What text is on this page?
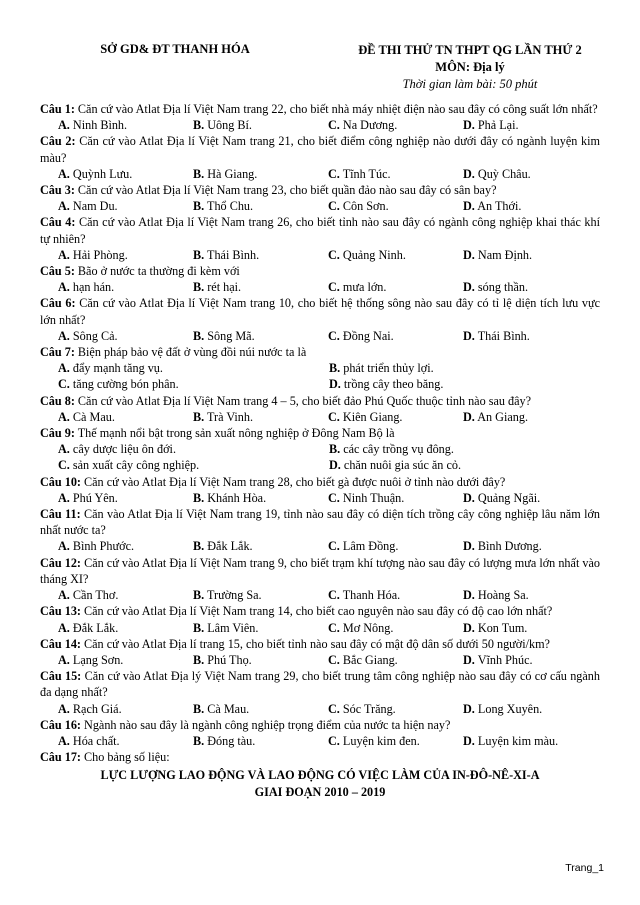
SỞ GD& ĐT THANH HÓA	ĐỀ THI THỬ TN THPT QG LẦN THỨ 2
MÔN: Địa lý
Thời gian làm bài: 50 phút

Câu 1: Căn cứ vào Atlat Địa lí Việt Nam trang 22, cho biết nhà máy nhiệt điện nào sau đây có công suất lớn nhất?

A. Ninh Bình.	B. Uông Bí.	C. Na Dương.	D. Phả Lại.

Câu 2: Căn cứ vào Atlat Địa lí Việt Nam trang 21, cho biết điểm công nghiệp nào dưới đây có ngành luyện kim màu?

A. Quỳnh Lưu.	B. Hà Giang.	C. Tĩnh Túc.	D. Quỳ Châu.

Câu 3: Căn cứ vào Atlat Địa lí Việt Nam trang 23, cho biết quần đảo nào sau đây có sân bay?

A. Nam Du.	B. Thổ Chu.	C. Côn Sơn.	D. An Thới.

Câu 4: Căn cứ vào Atlat Địa lí Việt Nam trang 26, cho biết tỉnh nào sau đây có ngành công nghiệp khai thác khí tự nhiên?

A. Hải Phòng.	B. Thái Bình.	C. Quảng Ninh.	D. Nam Định.

Câu 5: Bão ở nước ta thường đi kèm với

A. hạn hán.	B. rét hại.	C. mưa lớn.	D. sóng thần.

Câu 6: Căn cứ vào Atlat Địa lí Việt Nam trang 10, cho biết hệ thống sông nào sau đây có tỉ lệ diện tích lưu vực lớn nhất?

A. Sông Cả.	B. Sông Mã.	C. Đồng Nai.	D. Thái Bình.

Câu 7: Biện pháp bảo vệ đất ở vùng đồi núi nước ta là

A. đẩy mạnh tăng vụ.	B. phát triển thủy lợi.
C. tăng cường bón phân.	D. trồng cây theo băng.

Câu 8: Căn cứ vào Atlat Địa lí Việt Nam trang 4 – 5, cho biết đảo Phú Quốc thuộc tỉnh nào sau đây?

A. Cà Mau.	B. Trà Vinh.	C. Kiên Giang.	D. An Giang.

Câu 9: Thế mạnh nổi bật trong sản xuất nông nghiệp ở Đông Nam Bộ là

A. cây dược liệu ôn đới.	B. các cây trồng vụ đông.
C. sản xuất cây công nghiệp.	D. chăn nuôi gia súc ăn cỏ.

Câu 10: Căn cứ vào Atlat Địa lí Việt Nam trang 28, cho biết gà được nuôi ở tỉnh nào dưới đây?

A. Phú Yên.	B. Khánh Hòa.	C. Ninh Thuận.	D. Quảng Ngãi.

Câu 11: Căn vào Atlat Địa lí Việt Nam trang 19, tỉnh nào sau đây có diện tích trồng cây công nghiệp lâu năm lớn nhất nước ta?

A. Bình Phước.	B. Đắk Lắk.	C. Lâm Đồng.	D. Bình Dương.

Câu 12: Căn cứ vào Atlat Địa lí Việt Nam trang 9, cho biết trạm khí tượng nào sau đây có lượng mưa lớn nhất vào tháng XI?

A. Cần Thơ.	B. Trường Sa.	C. Thanh Hóa.	D. Hoàng Sa.

Câu 13: Căn cứ vào Atlat Địa lí Việt Nam trang 14, cho biết cao nguyên nào sau đây có độ cao lớn nhất?

A. Đắk Lắk.	B. Lâm Viên.	C. Mơ Nông.	D. Kon Tum.

Câu 14: Căn cứ vào Atlat Địa lí trang 15, cho biết tỉnh nào sau đây có mật độ dân số dưới 50 người/km?

A. Lạng Sơn.	B. Phú Thọ.	C. Bắc Giang.	D. Vĩnh Phúc.

Câu 15: Căn cứ vào Atlat Địa lý Việt Nam trang 29, cho biết trung tâm công nghiệp nào sau đây có cơ cấu ngành đa dạng nhất?

A. Rạch Giá.	B. Cà Mau.	C. Sóc Trăng.	D. Long Xuyên.

Câu 16: Ngành nào sau đây là ngành công nghiệp trọng điểm của nước ta hiện nay?

A. Hóa chất.	B. Đóng tàu.	C. Luyện kim đen.	D. Luyện kim màu.

Câu 17: Cho bảng số liệu:

LỰC LƯỢNG LAO ĐỘNG VÀ LAO ĐỘNG CÓ VIỆC LÀM CỦA IN-ĐÔ-NÊ-XI-A
GIAI ĐOẠN 2010 – 2019
Trang_1
